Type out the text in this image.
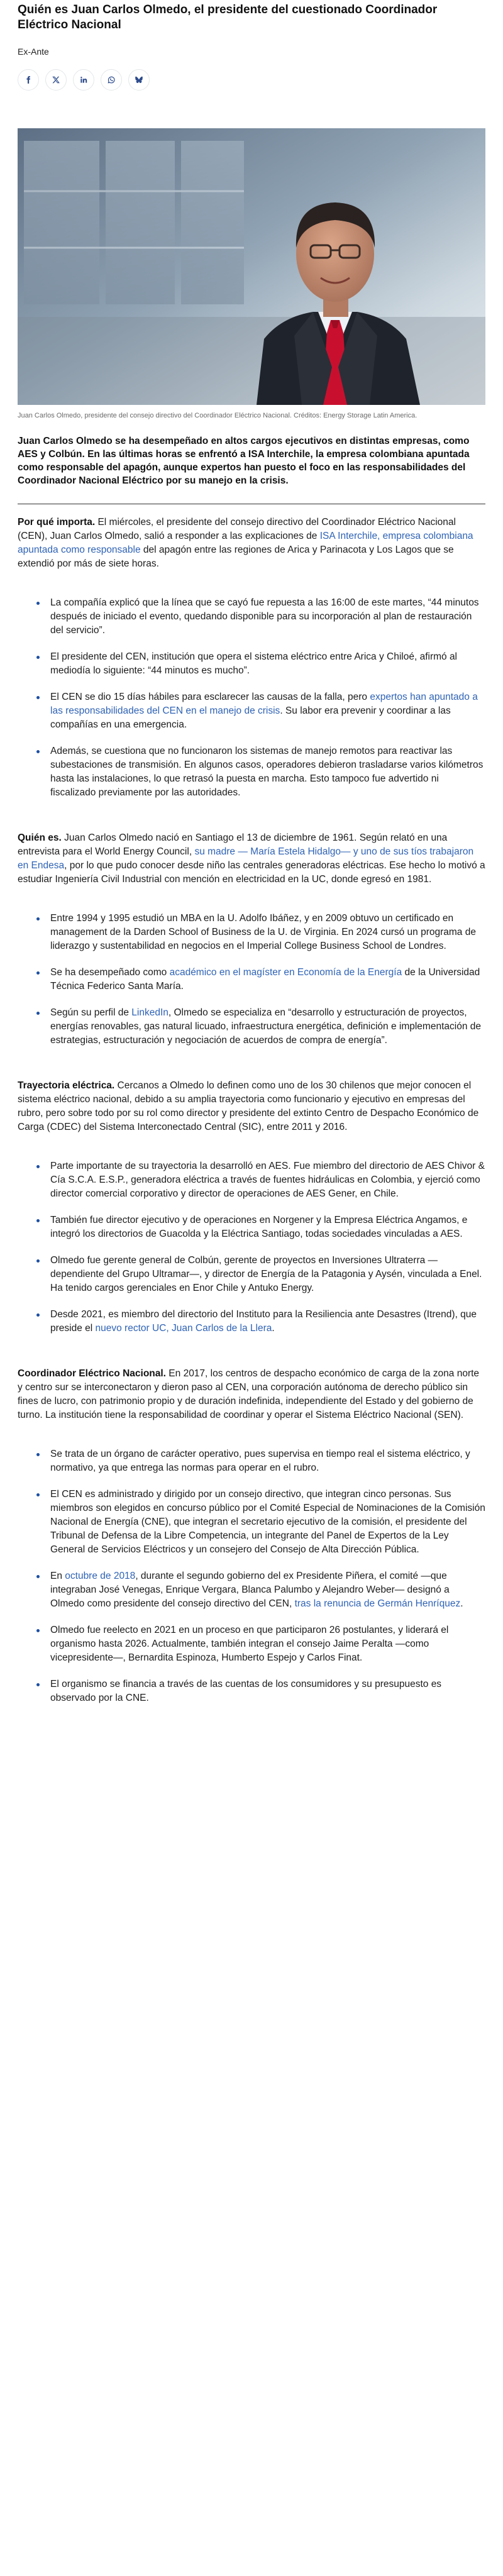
Quién es Juan Carlos Olmedo, el presidente del cuestionado Coordinador Eléctrico Nacional
Ex-Ante
Juan Carlos Olmedo, presidente del consejo directivo del Coordinador Eléctrico Nacional. Créditos: Energy Storage Latin America.

Juan Carlos Olmedo se ha desempeñado en altos cargos ejecutivos en distintas empresas, como AES y Colbún. En las últimas horas se enfrentó a ISA Interchile, la empresa colombiana apuntada como responsable del apagón, aunque expertos han puesto el foco en las responsabilidades del Coordinador Nacional Eléctrico por su manejo en la crisis.

Por qué importa. El miércoles, el presidente del consejo directivo del Coordinador Eléctrico Nacional (CEN), Juan Carlos Olmedo, salió a responder a las explicaciones de ISA Interchile, empresa colombiana apuntada como responsable del apagón entre las regiones de Arica y Parinacota y Los Lagos que se extendió por más de siete horas.

La compañía explicó que la línea que se cayó fue repuesta a las 16:00 de este martes, “44 minutos después de iniciado el evento, quedando disponible para su incorporación al plan de restauración del servicio”.
El presidente del CEN, institución que opera el sistema eléctrico entre Arica y Chiloé, afirmó al mediodía lo siguiente: “44 minutos es mucho”.
El CEN se dio 15 días hábiles para esclarecer las causas de la falla, pero expertos han apuntado a las responsabilidades del CEN en el manejo de crisis. Su labor era prevenir y coordinar a las compañías en una emergencia.
Además, se cuestiona que no funcionaron los sistemas de manejo remotos para reactivar las subestaciones de transmisión. En algunos casos, operadores debieron trasladarse varios kilómetros hasta las instalaciones, lo que retrasó la puesta en marcha. Esto tampoco fue advertido ni fiscalizado previamente por las autoridades.

Quién es. Juan Carlos Olmedo nació en Santiago el 13 de diciembre de 1961. Según relató en una entrevista para el World Energy Council, su madre — María Estela Hidalgo— y uno de sus tíos trabajaron en Endesa, por lo que pudo conocer desde niño las centrales generadoras eléctricas. Ese hecho lo motivó a estudiar Ingeniería Civil Industrial con mención en electricidad en la UC, donde egresó en 1981.

Entre 1994 y 1995 estudió un MBA en la U. Adolfo Ibáñez, y en 2009 obtuvo un certificado en management de la Darden School of Business de la U. de Virginia. En 2024 cursó un programa de liderazgo y sustentabilidad en negocios en el Imperial College Business School de Londres.
Se ha desempeñado como académico en el magíster en Economía de la Energía de la Universidad Técnica Federico Santa María.
Según su perfil de LinkedIn, Olmedo se especializa en “desarrollo y estructuración de proyectos, energías renovables, gas natural licuado, infraestructura energética, definición e implementación de estrategias, estructuración y negociación de acuerdos de compra de energía”.

Trayectoria eléctrica. Cercanos a Olmedo lo definen como uno de los 30 chilenos que mejor conocen el sistema eléctrico nacional, debido a su amplia trayectoria como funcionario y ejecutivo en empresas del rubro, pero sobre todo por su rol como director y presidente del extinto Centro de Despacho Económico de Carga (CDEC) del Sistema Interconectado Central (SIC), entre 2011 y 2016.

Parte importante de su trayectoria la desarrolló en AES. Fue miembro del directorio de AES Chivor & Cía S.C.A. E.S.P., generadora eléctrica a través de fuentes hidráulicas en Colombia, y ejerció como director comercial corporativo y director de operaciones de AES Gener, en Chile.
También fue director ejecutivo y de operaciones en Norgener y la Empresa Eléctrica Angamos, e integró los directorios de Guacolda y la Eléctrica Santiago, todas sociedades vinculadas a AES.
Olmedo fue gerente general de Colbún, gerente de proyectos en Inversiones Ultraterra —dependiente del Grupo Ultramar—, y director de Energía de la Patagonia y Aysén, vinculada a Enel. Ha tenido cargos gerenciales en Enor Chile y Antuko Energy.
Desde 2021, es miembro del directorio del Instituto para la Resiliencia ante Desastres (Itrend), que preside el nuevo rector UC, Juan Carlos de la Llera.

Coordinador Eléctrico Nacional. En 2017, los centros de despacho económico de carga de la zona norte y centro sur se interconectaron y dieron paso al CEN, una corporación autónoma de derecho público sin fines de lucro, con patrimonio propio y de duración indefinida, independiente del Estado y del gobierno de turno. La institución tiene la responsabilidad de coordinar y operar el Sistema Eléctrico Nacional (SEN).

Se trata de un órgano de carácter operativo, pues supervisa en tiempo real el sistema eléctrico, y normativo, ya que entrega las normas para operar en el rubro.
El CEN es administrado y dirigido por un consejo directivo, que integran cinco personas. Sus miembros son elegidos en concurso público por el Comité Especial de Nominaciones de la Comisión Nacional de Energía (CNE), que integran el secretario ejecutivo de la comisión, el presidente del Tribunal de Defensa de la Libre Competencia, un integrante del Panel de Expertos de la Ley General de Servicios Eléctricos y un consejero del Consejo de Alta Dirección Pública.
En octubre de 2018, durante el segundo gobierno del ex Presidente Piñera, el comité —que integraban José Venegas, Enrique Vergara, Blanca Palumbo y Alejandro Weber— designó a Olmedo como presidente del consejo directivo del CEN, tras la renuncia de Germán Henríquez.
Olmedo fue reelecto en 2021 en un proceso en que participaron 26 postulantes, y liderará el organismo hasta 2026. Actualmente, también integran el consejo Jaime Peralta —como vicepresidente—, Bernardita Espinoza, Humberto Espejo y Carlos Finat.
El organismo se financia a través de las cuentas de los consumidores y su presupuesto es observado por la CNE.
